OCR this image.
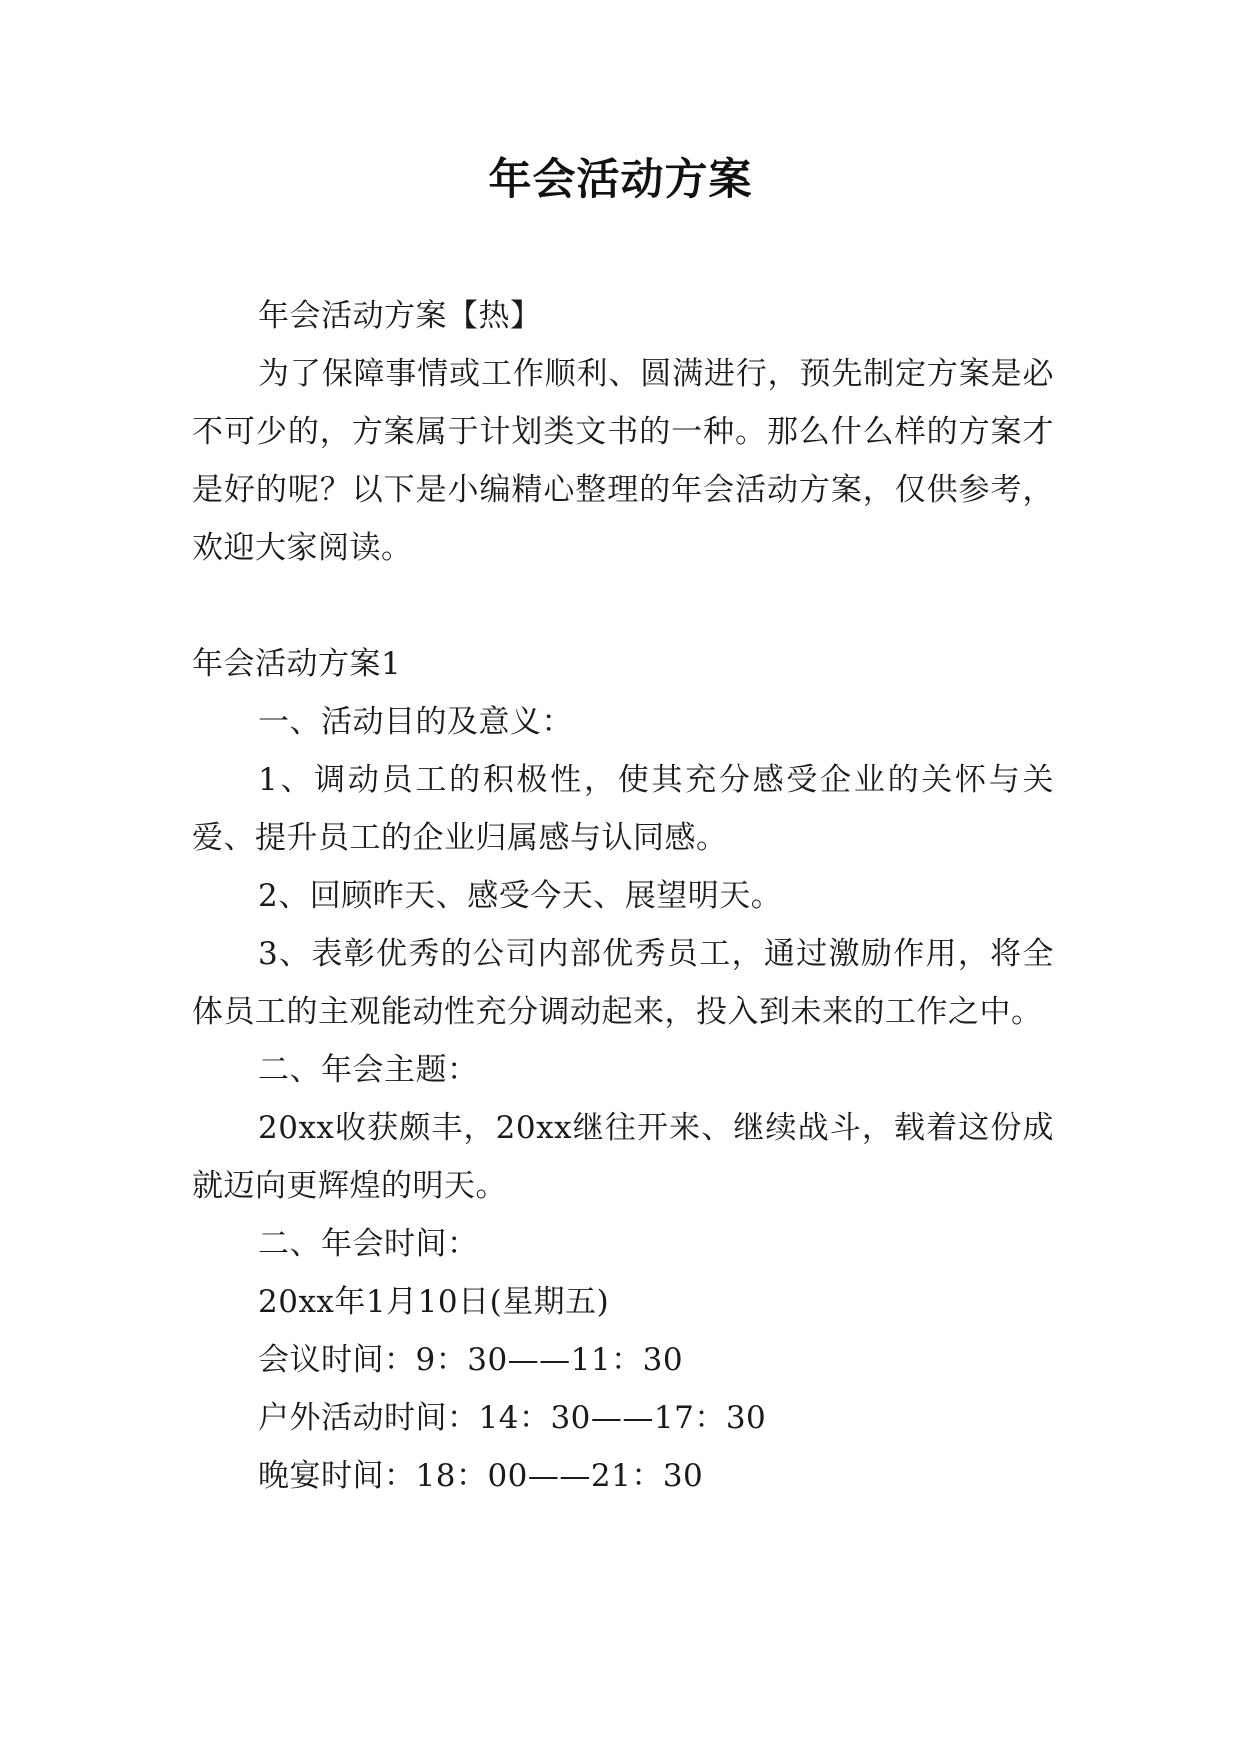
年会活动方案

年会活动方案【热】

为了保障事情或工作顺利、圆满进行，预先制定方案是必不可少的，方案属于计划类文书的一种。那么什么样的方案才是好的呢？以下是小编精心整理的年会活动方案，仅供参考，欢迎大家阅读。

年会活动方案1

一、活动目的及意义：

1、调动员工的积极性，使其充分感受企业的关怀与关爱、提升员工的企业归属感与认同感。

2、回顾昨天、感受今天、展望明天。

3、表彰优秀的公司内部优秀员工，通过激励作用，将全体员工的主观能动性充分调动起来，投入到未来的工作之中。

二、年会主题：

20xx收获颇丰，20xx继往开来、继续战斗，载着这份成就迈向更辉煌的明天。

二、年会时间：

20xx年1月10日(星期五)

会议时间：9：30——11：30

户外活动时间：14：30——17：30

晚宴时间：18：00——21：30
